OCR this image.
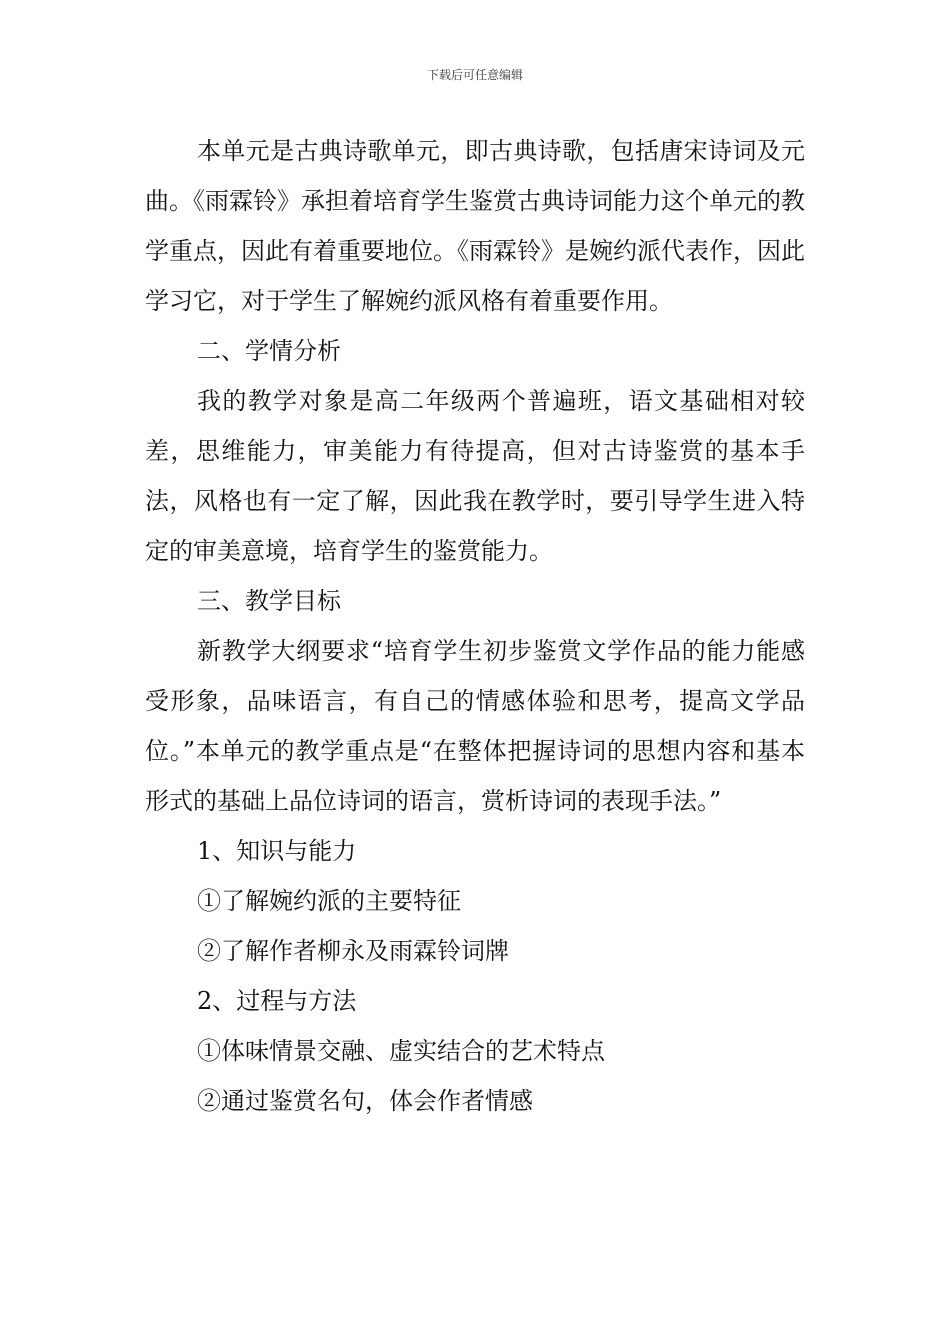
下载后可任意编辑

本单元是古典诗歌单元，即古典诗歌，包括唐宋诗词及元曲。《雨霖铃》承担着培育学生鉴赏古典诗词能力这个单元的教学重点，因此有着重要地位。《雨霖铃》是婉约派代表作，因此学习它，对于学生了解婉约派风格有着重要作用。

二、学情分析

我的教学对象是高二年级两个普遍班，语文基础相对较差，思维能力，审美能力有待提高，但对古诗鉴赏的基本手法，风格也有一定了解，因此我在教学时，要引导学生进入特定的审美意境，培育学生的鉴赏能力。

三、教学目标

新教学大纲要求“培育学生初步鉴赏文学作品的能力能感受形象，品味语言，有自己的情感体验和思考，提高文学品位。”本单元的教学重点是“在整体把握诗词的思想内容和基本形式的基础上品位诗词的语言，赏析诗词的表现手法。”

1、知识与能力

①了解婉约派的主要特征

②了解作者柳永及雨霖铃词牌

2、过程与方法

①体味情景交融、虚实结合的艺术特点

②通过鉴赏名句，体会作者情感
